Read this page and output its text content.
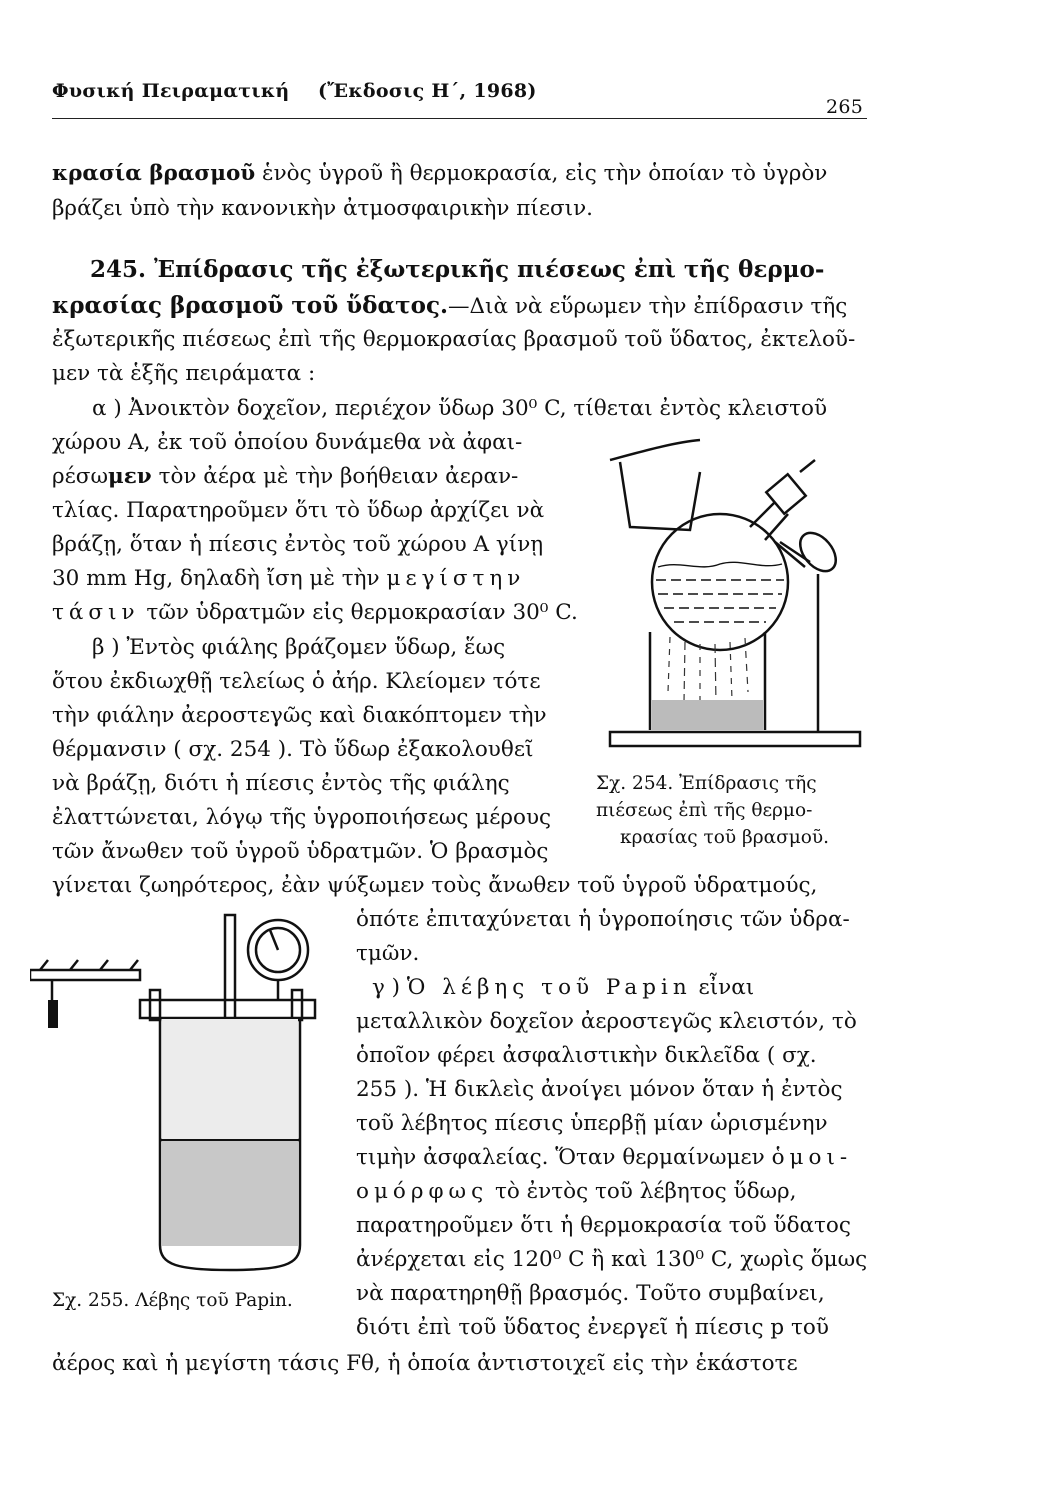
Φυσική Πειραματική (Ἔκδοσις Η΄, 1968)
265
κρασία βρασμοῦ ἑνὸς ὑγροῦ ἢ θερμοκρασία, εἰς τὴν ὁποίαν τὸ ὑγρὸν
βράζει ὑπὸ τὴν κανονικὴν ἀτμοσφαιρικὴν πίεσιν.
245. Ἐπίδρασις τῆς ἐξωτερικῆς πιέσεως ἐπὶ τῆς θερμο-
κρασίας βρασμοῦ τοῦ ὕδατος.—Διὰ νὰ εὕρωμεν τὴν ἐπίδρασιν τῆς
ἐξωτερικῆς πιέσεως ἐπὶ τῆς θερμοκρασίας βρασμοῦ τοῦ ὕδατος, ἐκτελοῦ-
μεν τὰ ἑξῆς πειράματα :
α ) Ἀνοικτὸν δοχεῖον, περιέχον ὕδωρ 30⁰ C, τίθεται ἐντὸς κλειστοῦ
χώρου Α, ἐκ τοῦ ὁποίου δυνάμεθα νὰ ἀφαι-
ρέσωμεν τὸν ἀέρα μὲ τὴν βοήθειαν ἀεραν-
τλίας. Παρατηροῦμεν ὅτι τὸ ὕδωρ ἀρχίζει νὰ
βράζῃ, ὅταν ἡ πίεσις ἐντὸς τοῦ χώρου Α γίνῃ
30 mm Hg, δηλαδὴ ἴση μὲ τὴν μεγίστην
τάσιν τῶν ὑδρατμῶν εἰς θερμοκρασίαν 30⁰ C.
β ) Ἐντὸς φιάλης βράζομεν ὕδωρ, ἕως
ὅτου ἐκδιωχθῇ τελείως ὁ ἀήρ. Κλείομεν τότε
τὴν φιάλην ἀεροστεγῶς καὶ διακόπτομεν τὴν
θέρμανσιν ( σχ. 254 ). Τὸ ὕδωρ ἐξακολουθεῖ
νὰ βράζῃ, διότι ἡ πίεσις ἐντὸς τῆς φιάλης
ἐλαττώνεται, λόγῳ τῆς ὑγροποιήσεως μέρους
τῶν ἄνωθεν τοῦ ὑγροῦ ὑδρατμῶν. Ὁ βρασμὸς
γίνεται ζωηρότερος, ἐὰν ψύξωμεν τοὺς ἄνωθεν τοῦ ὑγροῦ ὑδρατμούς,
ὁπότε ἐπιταχύνεται ἡ ὑγροποίησις τῶν ὑδρα-
τμῶν.
γ ) Ὁ λέβης τοῦ Papin εἶναι
μεταλλικὸν δοχεῖον ἀεροστεγῶς κλειστόν, τὸ
ὁποῖον φέρει ἀσφαλιστικὴν δικλεῖδα ( σχ.
255 ). Ἡ δικλεὶς ἀνοίγει μόνον ὅταν ἡ ἐντὸς
τοῦ λέβητος πίεσις ὑπερβῇ μίαν ὡρισμένην
τιμὴν ἀσφαλείας. Ὅταν θερμαίνωμεν ὁμοι-
ομόρφως τὸ ἐντὸς τοῦ λέβητος ὕδωρ,
παρατηροῦμεν ὅτι ἡ θερμοκρασία τοῦ ὕδατος
ἀνέρχεται εἰς 120⁰ C ἢ καὶ 130⁰ C, χωρὶς ὅμως
νὰ παρατηρηθῇ βρασμός. Τοῦτο συμβαίνει,
διότι ἐπὶ τοῦ ὕδατος ἐνεργεῖ ἡ πίεσις p τοῦ
ἀέρος καὶ ἡ μεγίστη τάσις Fθ, ἡ ὁποία ἀντιστοιχεῖ εἰς τὴν ἑκάστοτε
Σχ. 254. Ἐπίδρασις τῆς
πιέσεως ἐπὶ τῆς θερμο-
κρασίας τοῦ βρασμοῦ.
Σχ. 255. Λέβης τοῦ Papin.
